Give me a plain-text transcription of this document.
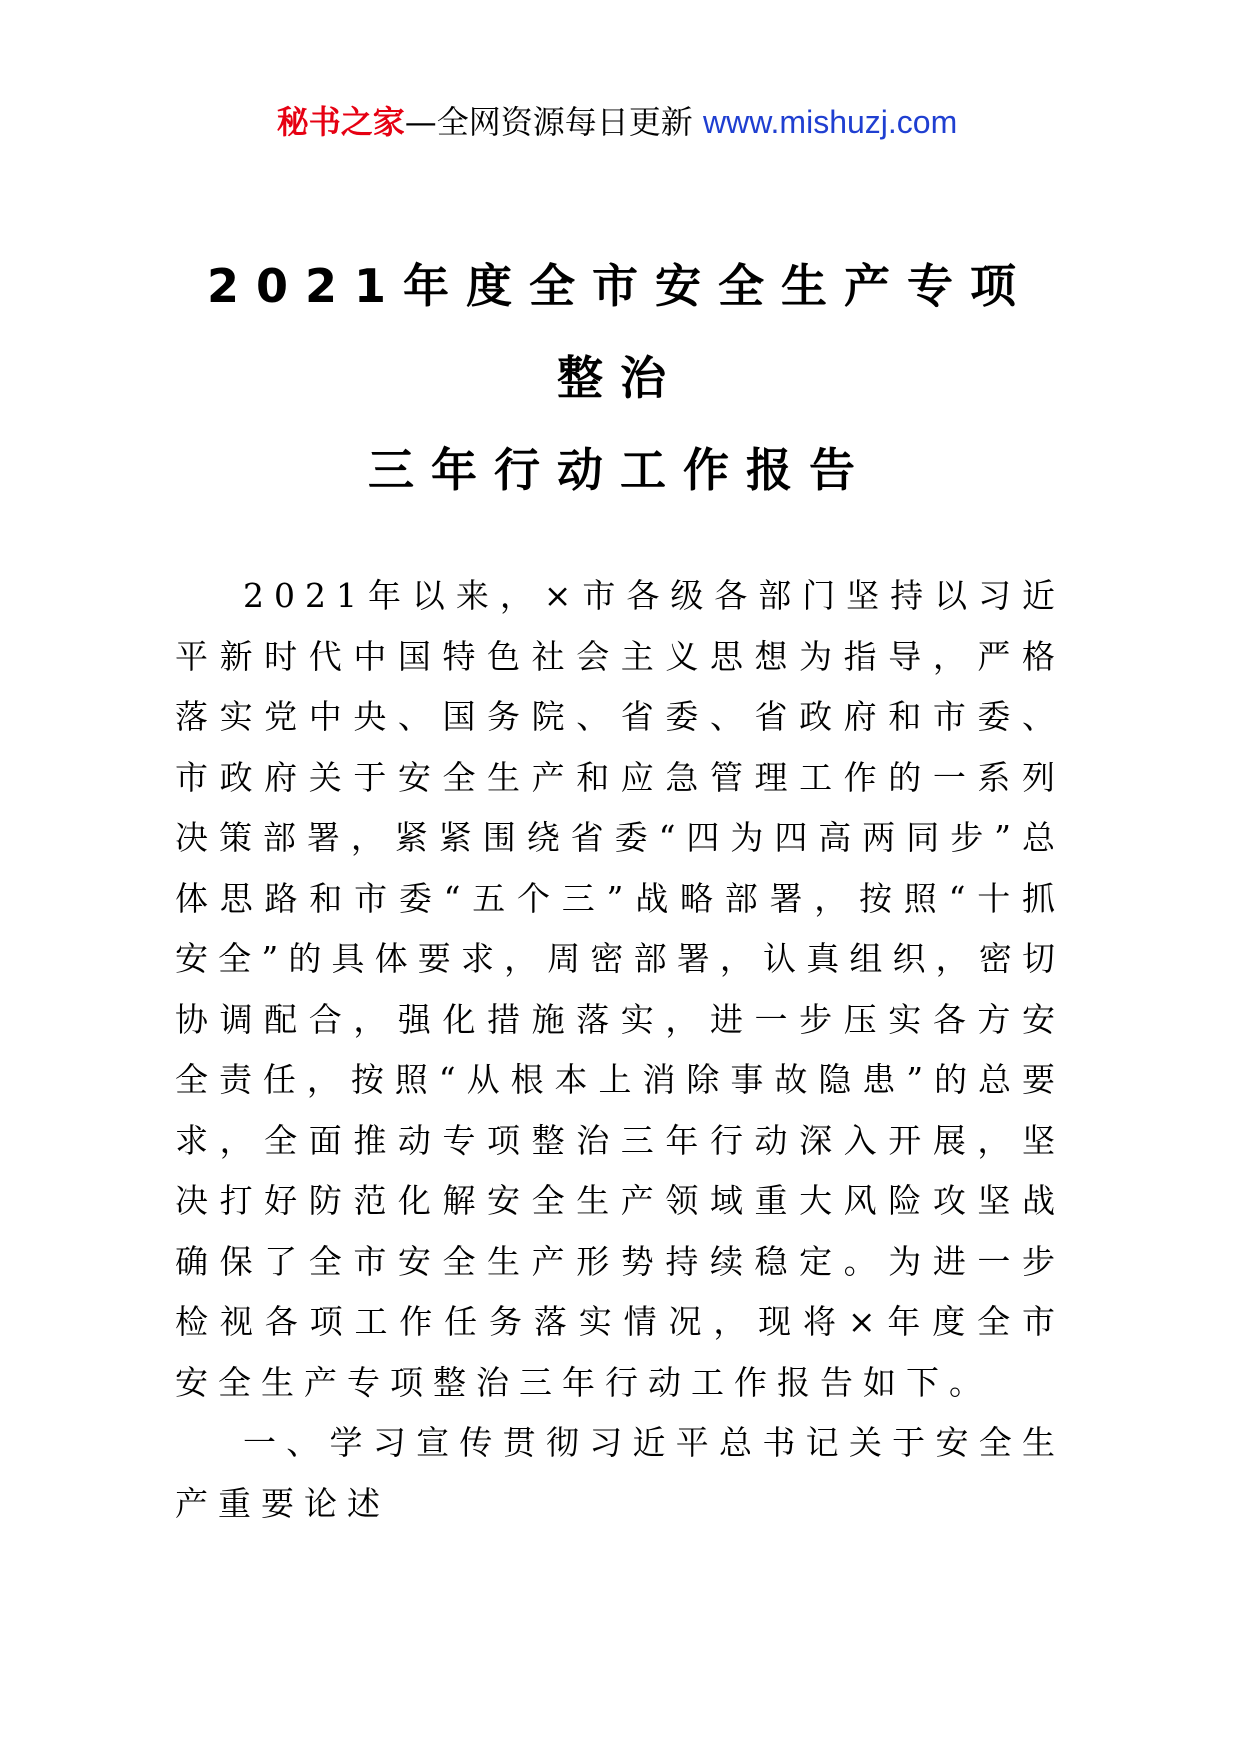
秘书之家—全网资源每日更新 www.mishuzj.com
2021年度全市安全生产专项整治
三年行动工作报告

2021年以来，×市各级各部门坚持以习近平新时代中国特色社会主义思想为指导，严格落实党中央、国务院、省委、省政府和市委、市政府关于安全生产和应急管理工作的一系列决策部署，紧紧围绕省委“四为四高两同步”总体思路和市委“五个三”战略部署，按照“十抓安全”的具体要求，周密部署，认真组织，密切协调配合，强化措施落实，进一步压实各方安全责任，按照“从根本上消除事故隐患”的总要求，全面推动专项整治三年行动深入开展，坚决打好防范化解安全生产领域重大风险攻坚战确保了全市安全生产形势持续稳定。为进一步检视各项工作任务落实情况，现将×年度全市安全生产专项整治三年行动工作报告如下。

一、学习宣传贯彻习近平总书记关于安全生产重要论述
